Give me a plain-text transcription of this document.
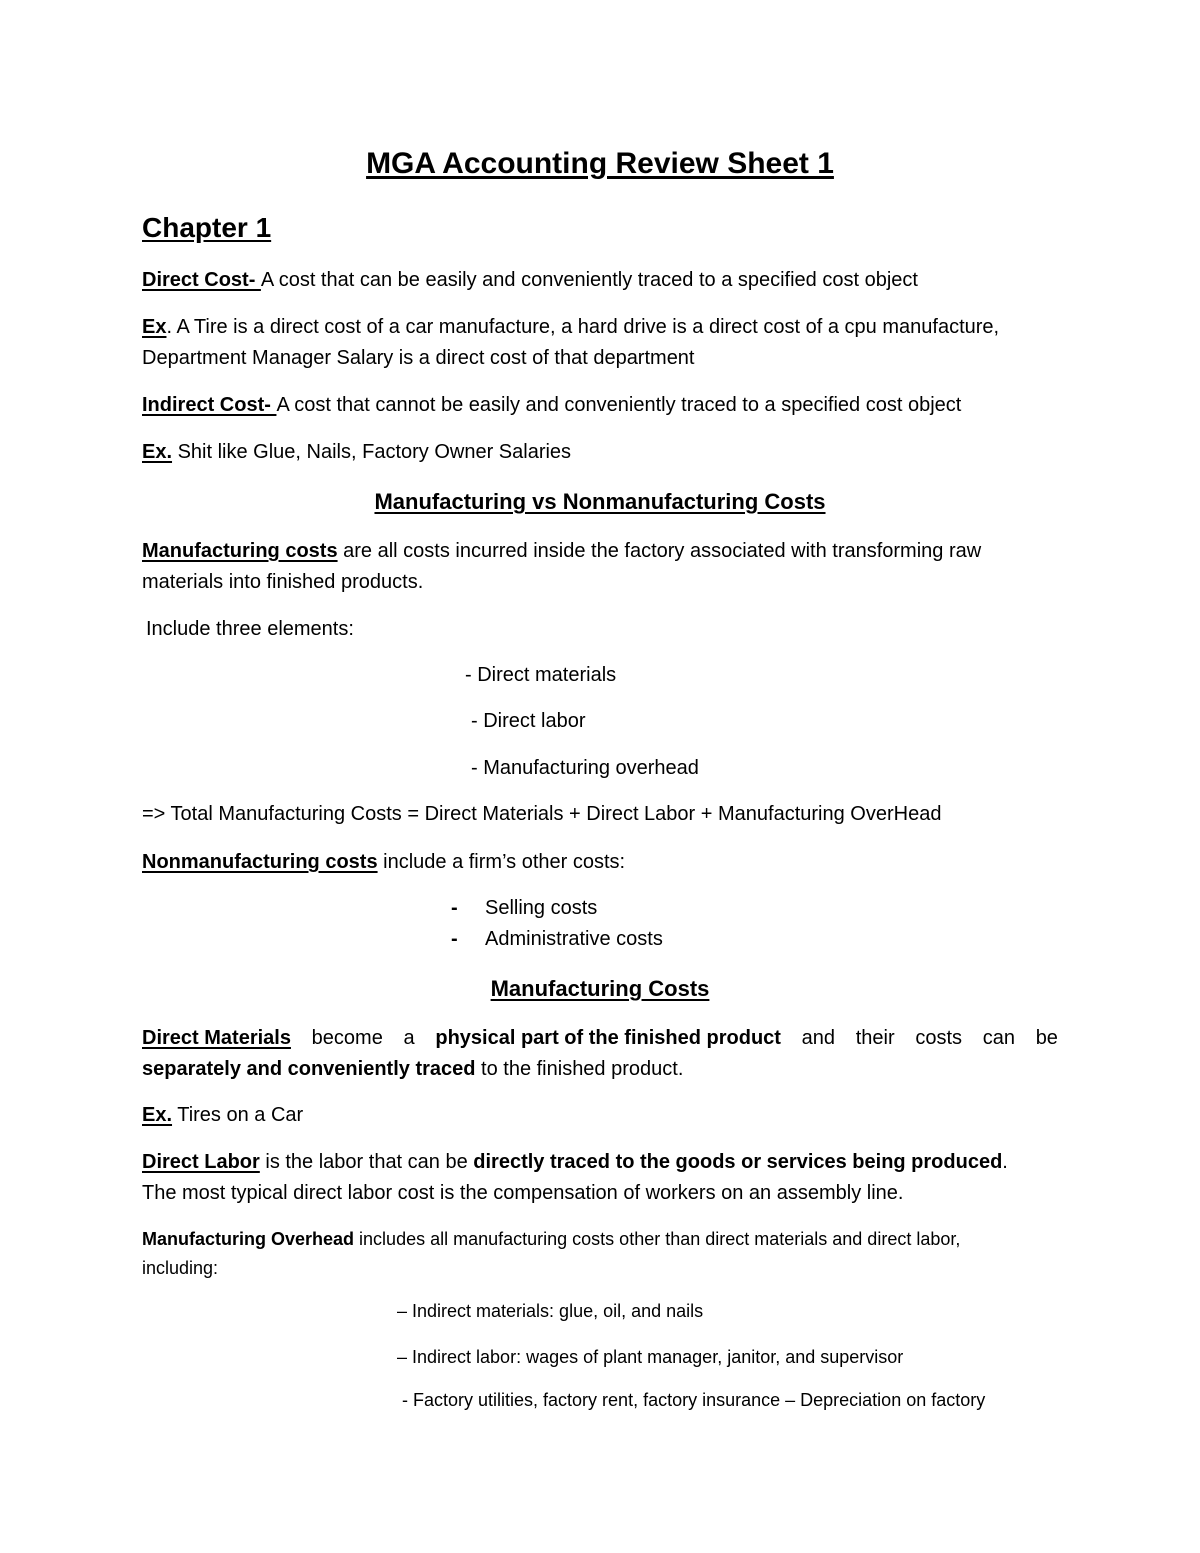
MGA Accounting Review Sheet 1
Chapter 1
Direct Cost- A cost that can be easily and conveniently traced to a specified cost object
Ex. A Tire is a direct cost of a car manufacture, a hard drive is a direct cost of a cpu manufacture,
Department Manager Salary is a direct cost of that department
Indirect Cost- A cost that cannot be easily and conveniently traced to a specified cost object
Ex. Shit like Glue, Nails, Factory Owner Salaries
Manufacturing vs Nonmanufacturing Costs
Manufacturing costs are all costs incurred inside the factory associated with transforming raw
materials into finished products.
Include three elements:
- Direct materials
- Direct labor
- Manufacturing overhead
=> Total Manufacturing Costs = Direct Materials + Direct Labor + Manufacturing OverHead
Nonmanufacturing costs include a firm’s other costs:
- Selling costs
- Administrative costs
Manufacturing Costs
Direct Materials become a physical part of the finished product and their costs can be
separately and conveniently traced to the finished product.
Ex. Tires on a Car
Direct Labor is the labor that can be directly traced to the goods or services being produced.
The most typical direct labor cost is the compensation of workers on an assembly line.
Manufacturing Overhead includes all manufacturing costs other than direct materials and direct labor,
including:
– Indirect materials: glue, oil, and nails
– Indirect labor: wages of plant manager, janitor, and supervisor
- Factory utilities, factory rent, factory insurance – Depreciation on factory
